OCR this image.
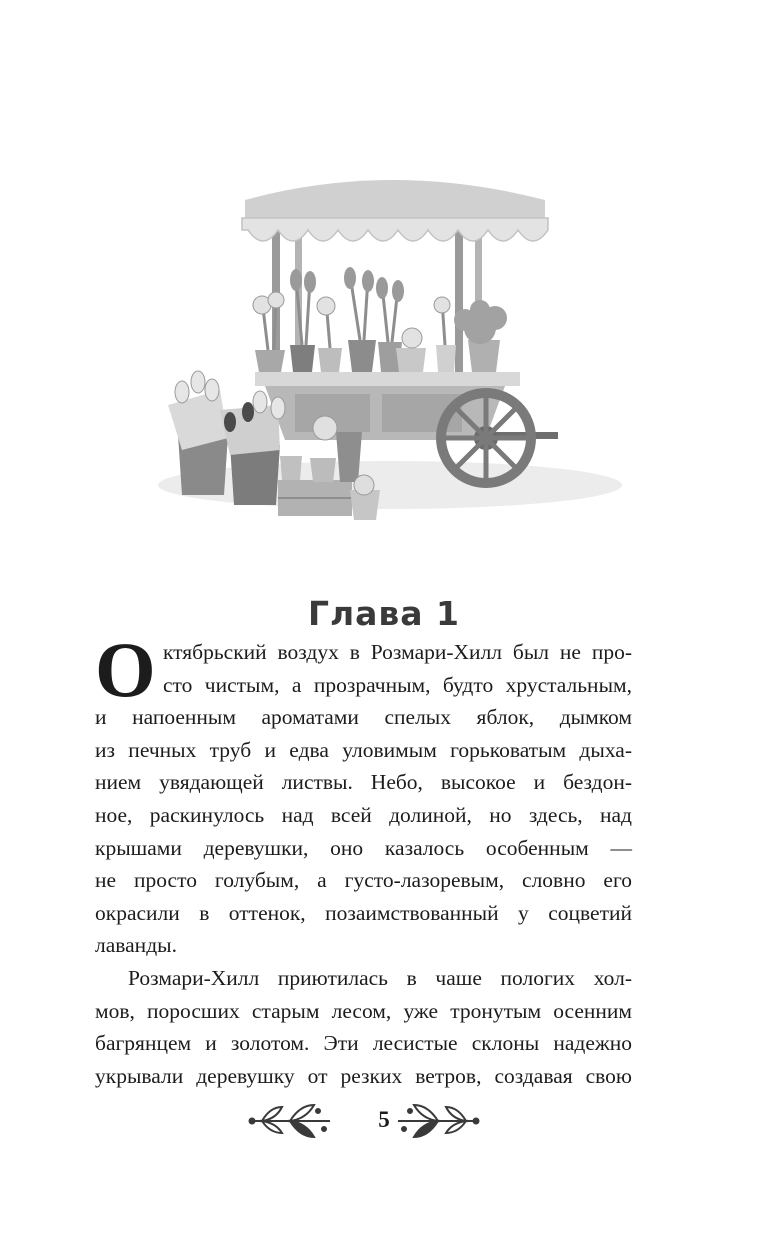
Глава 1
О ктябрьский воздух в Розмари-Хилл был не про-
сто чистым, а прозрачным, будто хрустальным,
и напоенным ароматами спелых яблок, дымком
из печных труб и едва уловимым горьковатым дыха-
нием увядающей листвы. Небо, высокое и бездон-
ное, раскинулось над всей долиной, но здесь, над
крышами деревушки, оно казалось особенным —
не просто голубым, а густо-лазоревым, словно его
окрасили в оттенок, позаимствованный у соцветий
лаванды.
Розмари-Хилл приютилась в чаше пологих хол-
мов, поросших старым лесом, уже тронутым осенним
багрянцем и золотом. Эти лесистые склоны надежно
укрывали деревушку от резких ветров, создавая свою
5
